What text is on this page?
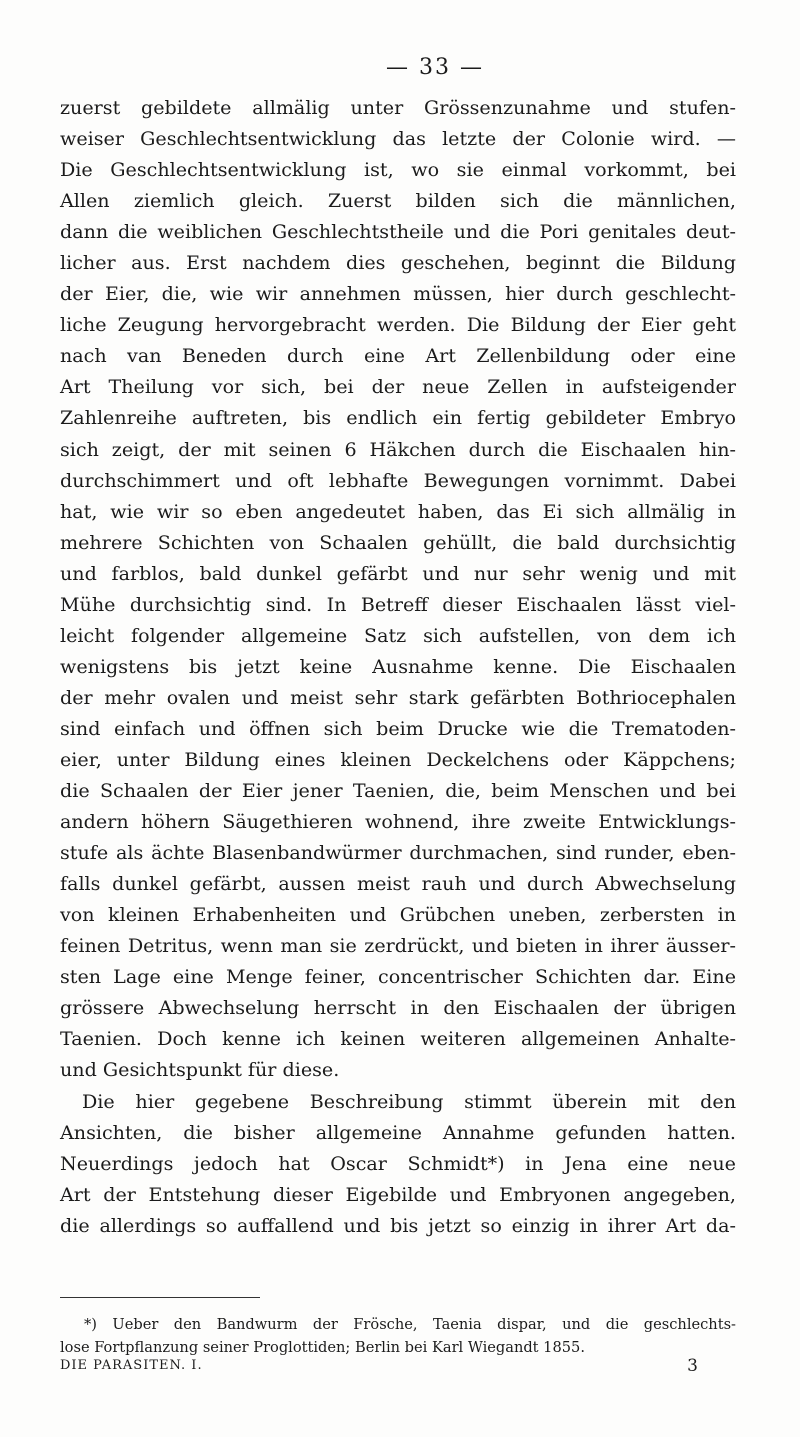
— 33 —
zuerst gebildete allmälig unter Grössenzunahme und stufen-
weiser Geschlechtsentwicklung das letzte der Colonie wird. —
Die Geschlechtsentwicklung ist, wo sie einmal vorkommt, bei
Allen ziemlich gleich. Zuerst bilden sich die männlichen,
dann die weiblichen Geschlechtstheile und die Pori genitales deut-
licher aus. Erst nachdem dies geschehen, beginnt die Bildung
der Eier, die, wie wir annehmen müssen, hier durch geschlecht-
liche Zeugung hervorgebracht werden. Die Bildung der Eier geht
nach van Beneden durch eine Art Zellenbildung oder eine
Art Theilung vor sich, bei der neue Zellen in aufsteigender
Zahlenreihe auftreten, bis endlich ein fertig gebildeter Embryo
sich zeigt, der mit seinen 6 Häkchen durch die Eischaalen hin-
durchschimmert und oft lebhafte Bewegungen vornimmt. Dabei
hat, wie wir so eben angedeutet haben, das Ei sich allmälig in
mehrere Schichten von Schaalen gehüllt, die bald durchsichtig
und farblos, bald dunkel gefärbt und nur sehr wenig und mit
Mühe durchsichtig sind. In Betreff dieser Eischaalen lässt viel-
leicht folgender allgemeine Satz sich aufstellen, von dem ich
wenigstens bis jetzt keine Ausnahme kenne. Die Eischaalen
der mehr ovalen und meist sehr stark gefärbten Bothriocephalen
sind einfach und öffnen sich beim Drucke wie die Trematoden-
eier, unter Bildung eines kleinen Deckelchens oder Käppchens;
die Schaalen der Eier jener Taenien, die, beim Menschen und bei
andern höhern Säugethieren wohnend, ihre zweite Entwicklungs-
stufe als ächte Blasenbandwürmer durchmachen, sind runder, eben-
falls dunkel gefärbt, aussen meist rauh und durch Abwechselung
von kleinen Erhabenheiten und Grübchen uneben, zerbersten in
feinen Detritus, wenn man sie zerdrückt, und bieten in ihrer äusser-
sten Lage eine Menge feiner, concentrischer Schichten dar. Eine
grössere Abwechselung herrscht in den Eischaalen der übrigen
Taenien. Doch kenne ich keinen weiteren allgemeinen Anhalte-
und Gesichtspunkt für diese.
Die hier gegebene Beschreibung stimmt überein mit den
Ansichten, die bisher allgemeine Annahme gefunden hatten.
Neuerdings jedoch hat Oscar Schmidt*) in Jena eine neue
Art der Entstehung dieser Eigebilde und Embryonen angegeben,
die allerdings so auffallend und bis jetzt so einzig in ihrer Art da-
*) Ueber den Bandwurm der Frösche, Taenia dispar, und die geschlechts-
lose Fortpflanzung seiner Proglottiden; Berlin bei Karl Wiegandt 1855.
DIE PARASITEN. I.	3
